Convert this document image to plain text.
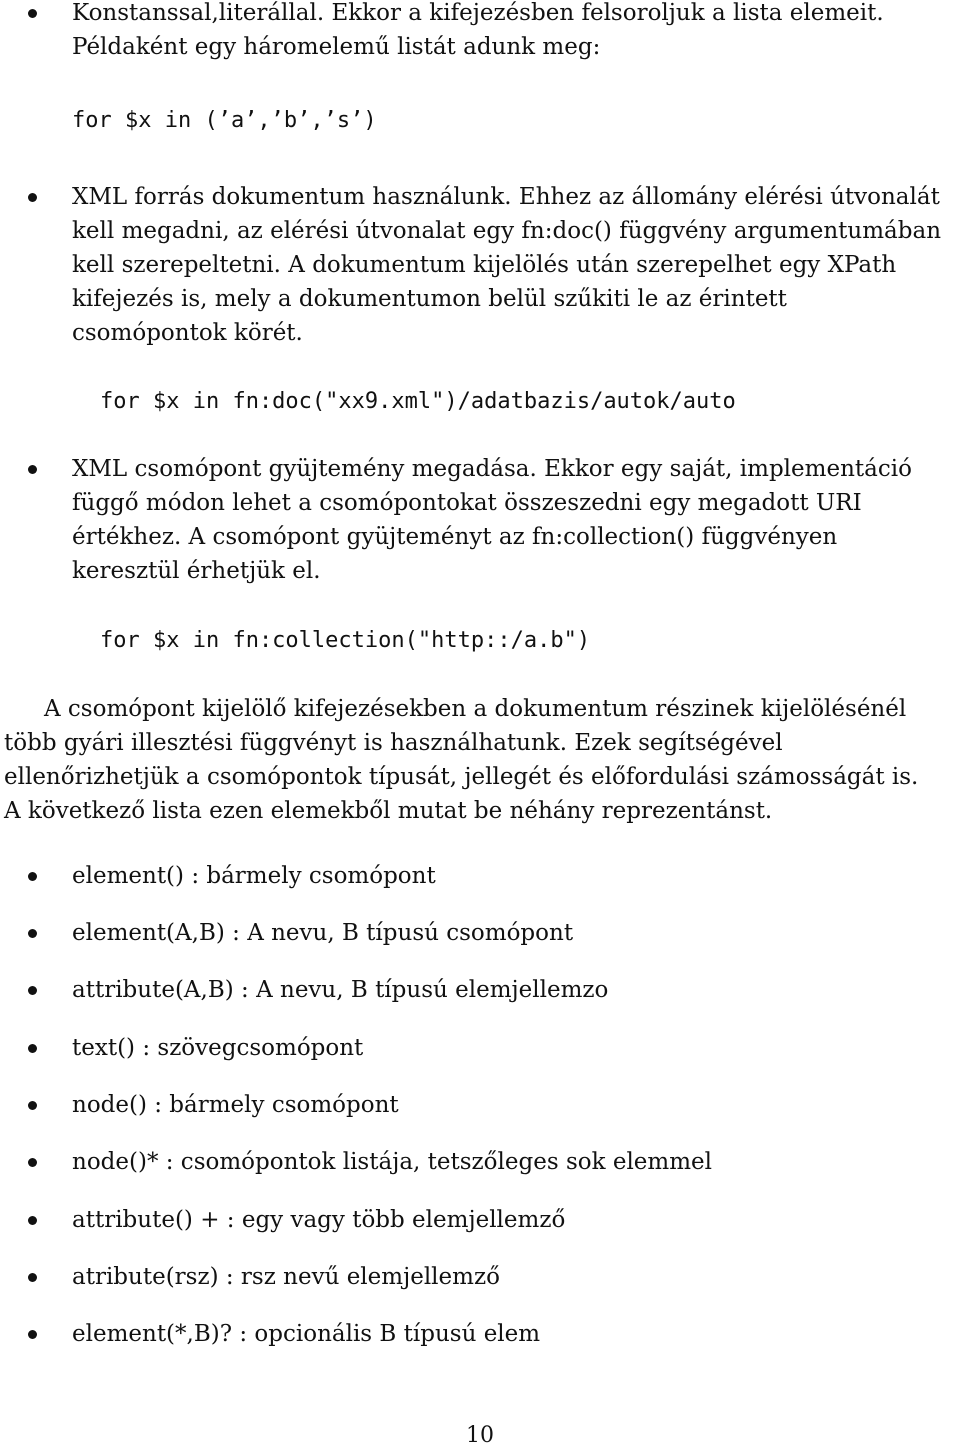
Konstanssal,literállal. Ekkor a kifejezésben felsoroljuk a lista elemeit. Példaként egy háromelemű listát adunk meg:
for $x in (’a’,’b’,’s’)
XML forrás dokumentum használunk. Ehhez az állomány elérési útvonalát kell megadni, az elérési útvonalat egy fn:doc() függvény argumentumában kell szerepeltetni. A dokumentum kijelölés után szerepelhet egy XPath kifejezés is, mely a dokumentumon belül szűkiti le az érintett csomópontok körét.
for $x in fn:doc("xx9.xml")/adatbazis/autok/auto
XML csomópont gyüjtemény megadása. Ekkor egy saját, implementáció függő módon lehet a csomópontokat összeszedni egy megadott URI értékhez. A csomópont gyüjteményt az fn:collection() függvényen keresztül érhetjük el.
for $x in fn:collection("http::/a.b")

A csomópont kijelölő kifejezésekben a dokumentum részinek kijelölésénél több gyári illesztési függvényt is használhatunk. Ezek segítségével ellenőrizhetjük a csomópontok típusát, jellegét és előfordulási számosságát is. A következő lista ezen elemekből mutat be néhány reprezentánst.

element() : bármely csomópont
element(A,B) : A nevu, B típusú csomópont
attribute(A,B) : A nevu, B típusú elemjellemzo
text() : szövegcsomópont
node() : bármely csomópont
node()* : csomópontok listája, tetszőleges sok elemmel
attribute() + : egy vagy több elemjellemző
atribute(rsz) : rsz nevű elemjellemző
element(*,B)? : opcionális B típusú elem
10
